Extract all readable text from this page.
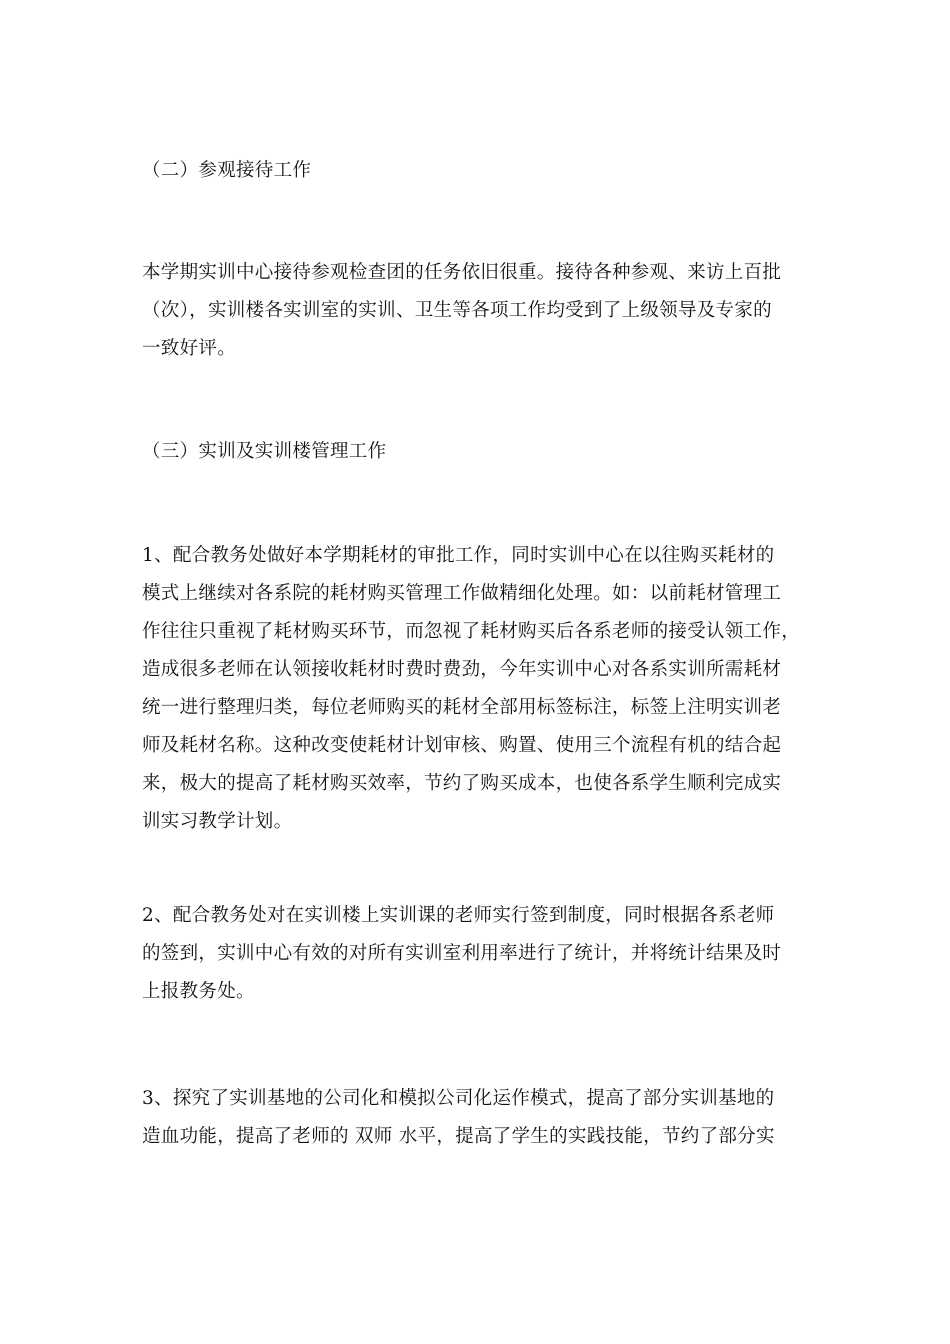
（二）参观接待工作
本学期实训中心接待参观检查团的任务依旧很重。接待各种参观、来访上百批
（次），实训楼各实训室的实训、卫生等各项工作均受到了上级领导及专家的
一致好评。
（三）实训及实训楼管理工作
1、配合教务处做好本学期耗材的审批工作，同时实训中心在以往购买耗材的
模式上继续对各系院的耗材购买管理工作做精细化处理。如：以前耗材管理工
作往往只重视了耗材购买环节，而忽视了耗材购买后各系老师的接受认领工作，
造成很多老师在认领接收耗材时费时费劲，今年实训中心对各系实训所需耗材
统一进行整理归类，每位老师购买的耗材全部用标签标注，标签上注明实训老
师及耗材名称。这种改变使耗材计划审核、购置、使用三个流程有机的结合起
来，极大的提高了耗材购买效率，节约了购买成本，也使各系学生顺利完成实
训实习教学计划。
2、配合教务处对在实训楼上实训课的老师实行签到制度，同时根据各系老师
的签到，实训中心有效的对所有实训室利用率进行了统计，并将统计结果及时
上报教务处。
3、探究了实训基地的公司化和模拟公司化运作模式，提高了部分实训基地的
造血功能，提高了老师的 双师 水平，提高了学生的实践技能，节约了部分实
